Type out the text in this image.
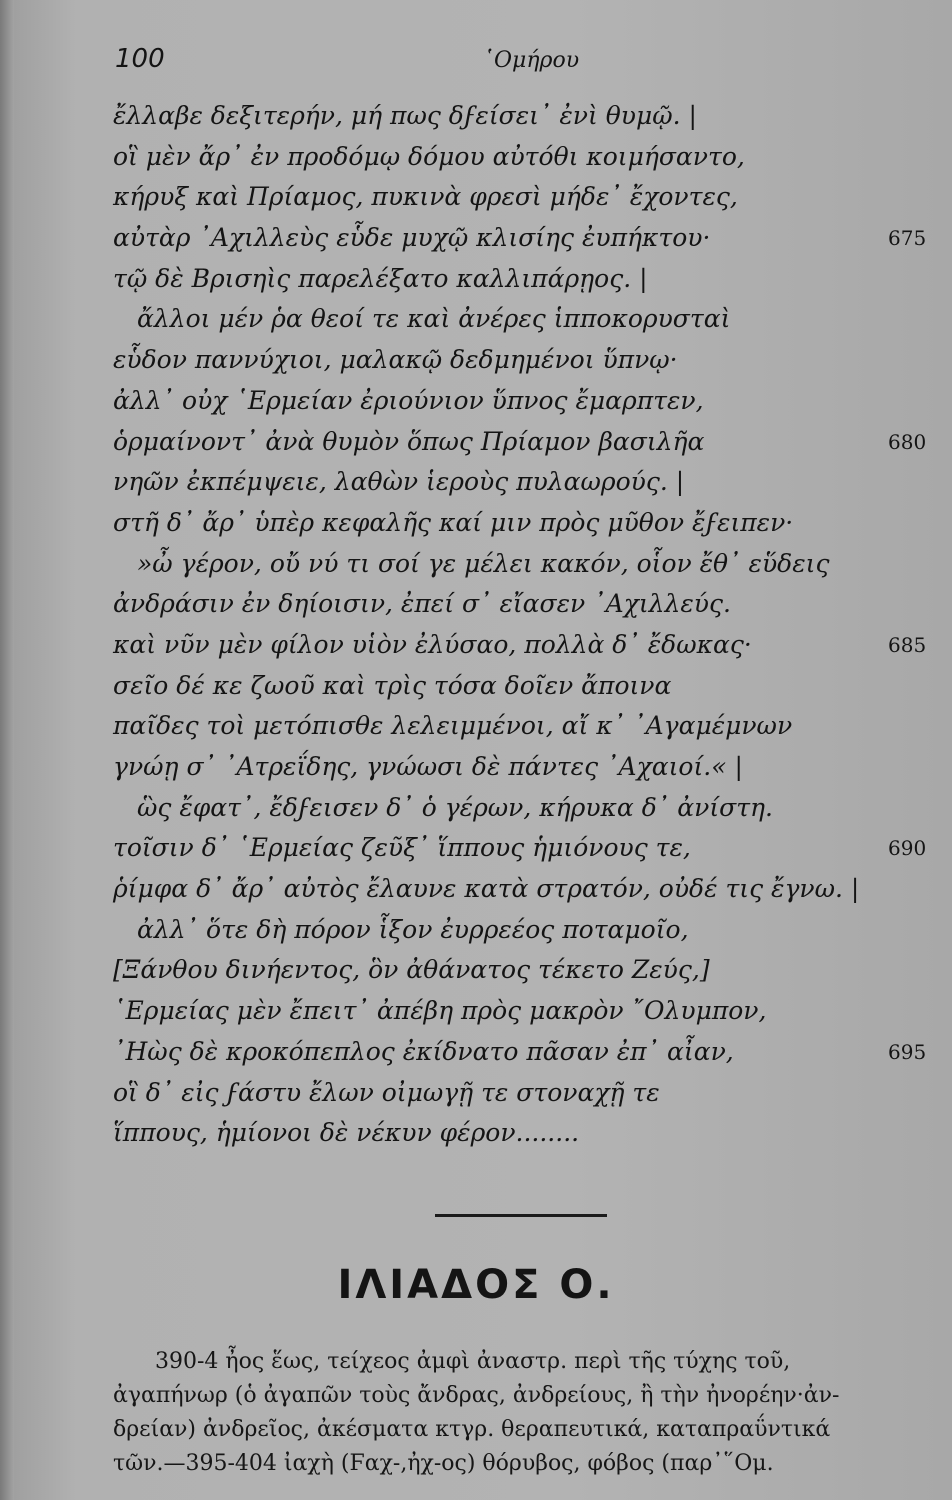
100	῾Ομήρου
ἔλλαβε δεξιτερήν, μή πως δϝείσει᾽ ἐνὶ θυμῷ. |
οἳ μὲν ἄρ᾽ ἐν προδόμῳ δόμου αὐτόθι κοιμήσαντο,
κήρυξ καὶ Πρίαμος, πυκινὰ φρεσὶ μήδε᾽ ἔχοντες,
αὐτὰρ ᾽Αχιλλεὺς εὗδε μυχῷ κλισίης ἐυπήκτου·	675
τῷ δὲ Βρισηὶς παρελέξατο καλλιπάρῃος. |
ἄλλοι μέν ῥα θεοί τε καὶ ἀνέρες ἱπποκορυσταὶ
εὗδον παννύχιοι, μαλακῷ δεδμημένοι ὕπνῳ·
ἀλλ᾽ οὐχ ῾Ερμείαν ἐριούνιον ὕπνος ἔμαρπτεν,
ὁρμαίνοντ᾽ ἀνὰ θυμὸν ὅπως Πρίαμον βασιλῆα	680
νηῶν ἐκπέμψειε, λαθὼν ἱεροὺς πυλαωρούς. |
στῆ δ᾽ ἄρ᾽ ὑπὲρ κεφαλῆς καί μιν πρὸς μῦθον ἔϝειπεν·
»ὦ γέρον, οὔ νύ τι σοί γε μέλει κακόν, οἷον ἔθ᾽ εὕδεις
ἀνδράσιν ἐν δηίοισιν, ἐπεί σ᾽ εἴασεν ᾽Αχιλλεύς.
καὶ νῦν μὲν φίλον υἱὸν ἐλύσαο, πολλὰ δ᾽ ἔδωκας·	685
σεῖο δέ κε ζωοῦ καὶ τρὶς τόσα δοῖεν ἄποινα
παῖδες τοὶ μετόπισθε λελειμμένοι, αἴ κ᾽ ᾽Αγαμέμνων
γνώῃ σ᾽ ᾽Ατρεΐδης, γνώωσι δὲ πάντες ᾽Αχαιοί.« |
ὣς ἔφατ᾽, ἔδϝεισεν δ᾽ ὁ γέρων, κήρυκα δ᾽ ἀνίστη.
τοῖσιν δ᾽ ῾Ερμείας ζεῦξ᾽ ἵππους ἡμιόνους τε,	690
ῥίμφα δ᾽ ἄρ᾽ αὐτὸς ἔλαυνε κατὰ στρατόν, οὐδέ τις ἔγνω. |
ἀλλ᾽ ὅτε δὴ πόρον ἷξον ἐυρρεέος ποταμοῖο,
[Ξάνθου δινήεντος, ὃν ἀθάνατος τέκετο Ζεύς,]
῾Ερμείας μὲν ἔπειτ᾽ ἀπέβη πρὸς μακρὸν ῎Ολυμπον,
᾽Ηὼς δὲ κροκόπεπλος ἐκίδνατο πᾶσαν ἐπ᾽ αἶαν,	695
οἳ δ᾽ εἰς ϝάστυ ἔλων οἰμωγῇ τε στοναχῇ τε
ἵππους, ἡμίονοι δὲ νέκυν φέρον........
ΙΛΙΑΔΟΣ Ο.

390-4 ἦος ἕως, τείχεος ἀμφὶ ἀναστρ. περὶ τῆς τύχης τοῦ,

ἀγαπήνωρ (ὁ ἀγαπῶν τοὺς ἄνδρας, ἀνδρείους, ἢ τὴν ἠνορέην·ἀν-

δρείαν) ἀνδρεῖος, ἀκέσματα κτγρ. θεραπευτικά, καταπραΰντικά

τῶν.—395-404 ἰαχὴ (Ϝαχ-,ἠχ-ος) θόρυβος, φόβος (παρ᾽῞Ομ.
